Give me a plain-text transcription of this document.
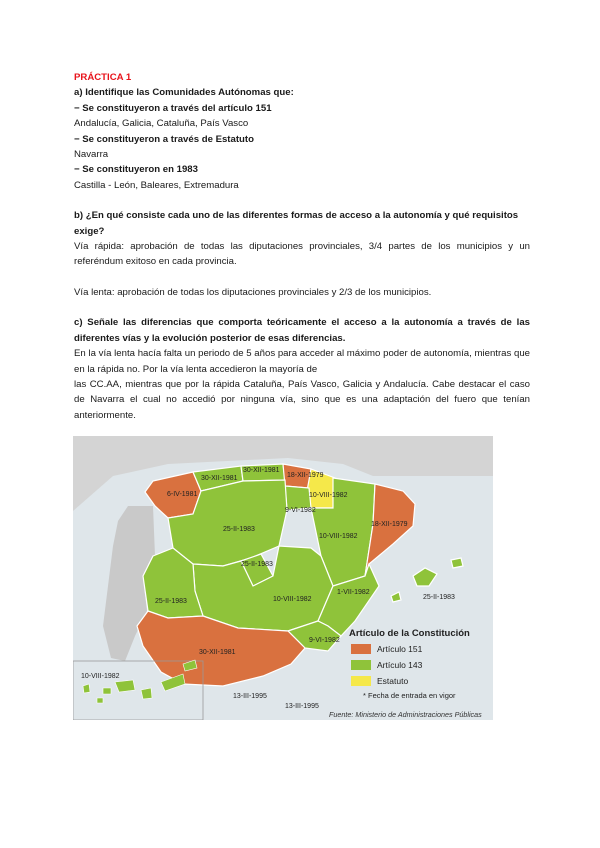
PRÁCTICA 1
a) Identifique las Comunidades Autónomas que:
− Se constituyeron a través del artículo 151
Andalucía, Galicia, Cataluña, País Vasco
− Se constituyeron a través de Estatuto
Navarra
− Se constituyeron en 1983
Castilla - León, Baleares, Extremadura
b) ¿En qué consiste cada uno de las diferentes formas de acceso a la autonomía y qué requisitos
exige?
Vía rápida: aprobación de todas las diputaciones provinciales, 3/4 partes de los municipios y un referéndum exitoso en cada provincia.
Vía lenta: aprobación de todas los diputaciones provinciales y 2/3 de los municipios.
c) Señale las diferencias que comporta teóricamente el acceso a la autonomía a través de las diferentes vías y la evolución posterior de esas diferencias.
En la vía lenta hacía falta un periodo de 5 años para acceder al máximo poder de autonomía, mientras que en la rápida no. Por la vía lenta accedieron la mayoría de
las CC.AA, mientras que por la rápida Cataluña, País Vasco, Galicia y Andalucía. Cabe destacar el caso de Navarra el cual no accedió por ninguna vía, sino que es una adaptación del fuero que tenían anteriormente.
6-IV-1981
30-XII-1981
30-XII-1981
18-XII-1979
10-VIII-1982
9-VI-1982
25-II-1983
10-VIII-1982
18-XII-1979
25-II-1983
10-VIII-1982
1-VII-1982
25-II-1983
9-VI-1982
30-XII-1981
25-II-1983
10-VIII-1982
13-III-1995
13-III-1995
Artículo de la Constitución
Artículo 151
Artículo 143
Estatuto
* Fecha de entrada en vigor
Fuente: Ministerio de Administraciones Públicas
